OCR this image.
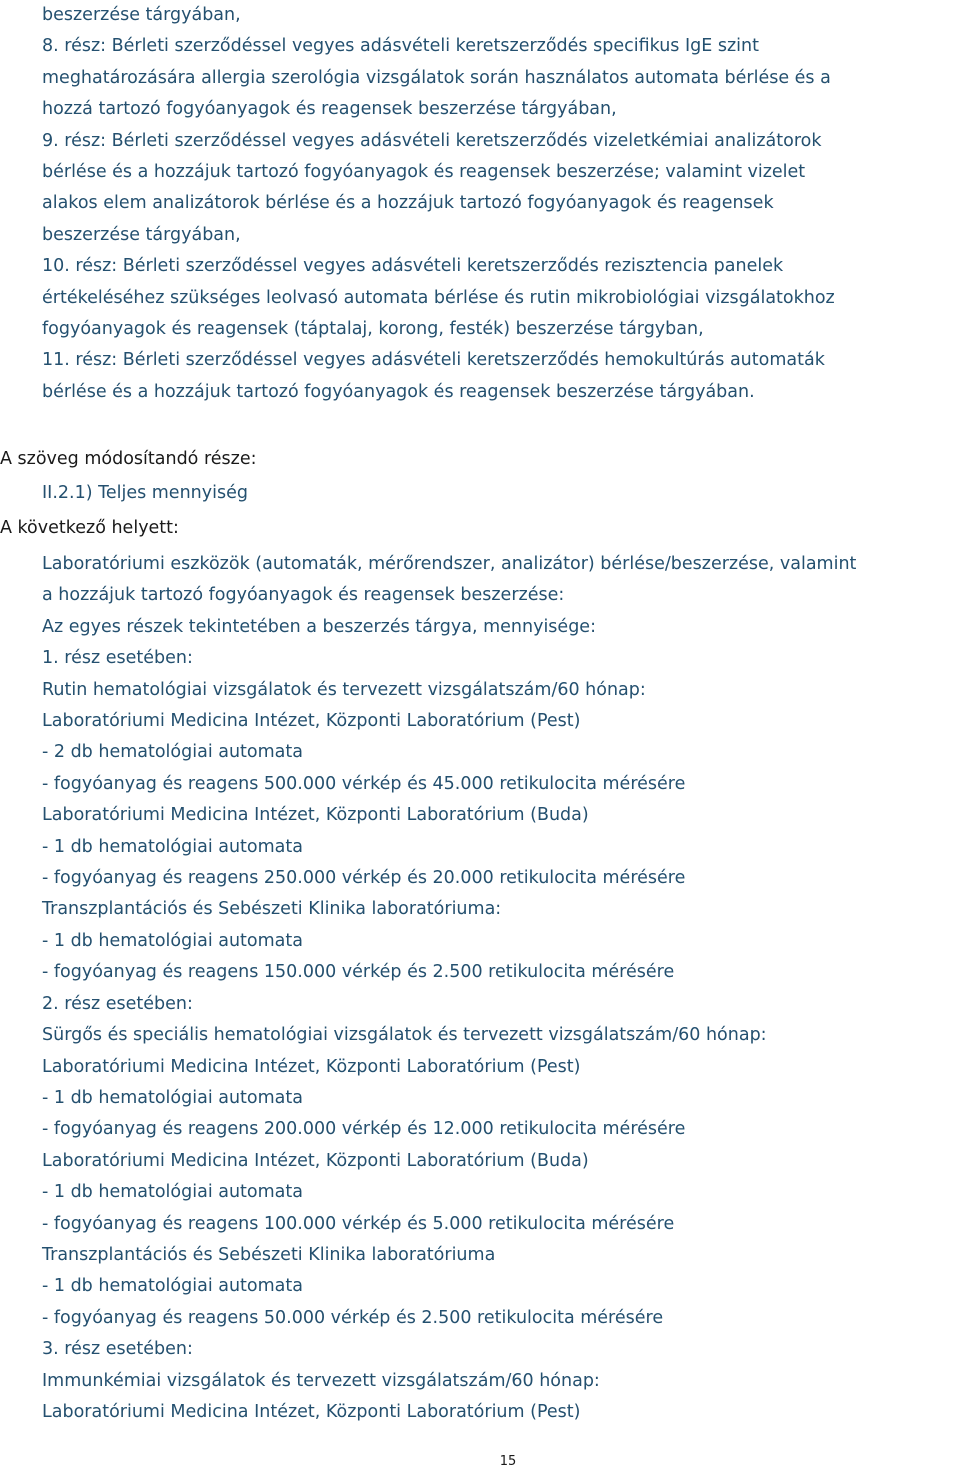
beszerzése tárgyában,
8. rész: Bérleti szerződéssel vegyes adásvételi keretszerződés specifikus IgE szint
meghatározására allergia szerológia vizsgálatok során használatos automata bérlése és a
hozzá tartozó fogyóanyagok és reagensek beszerzése tárgyában,
9. rész: Bérleti szerződéssel vegyes adásvételi keretszerződés vizeletkémiai analizátorok
bérlése és a hozzájuk tartozó fogyóanyagok és reagensek beszerzése; valamint vizelet
alakos elem analizátorok bérlése és a hozzájuk tartozó fogyóanyagok és reagensek
beszerzése tárgyában,
10. rész: Bérleti szerződéssel vegyes adásvételi keretszerződés rezisztencia panelek
értékeléséhez szükséges leolvasó automata bérlése és rutin mikrobiológiai vizsgálatokhoz
fogyóanyagok és reagensek (táptalaj, korong, festék) beszerzése tárgyban,
11. rész: Bérleti szerződéssel vegyes adásvételi keretszerződés hemokultúrás automaták
bérlése és a hozzájuk tartozó fogyóanyagok és reagensek beszerzése tárgyában.
A szöveg módosítandó része:
II.2.1) Teljes mennyiség
A következő helyett:
Laboratóriumi eszközök (automaták, mérőrendszer, analizátor) bérlése/beszerzése, valamint
a hozzájuk tartozó fogyóanyagok és reagensek beszerzése:
Az egyes részek tekintetében a beszerzés tárgya, mennyisége:
1. rész esetében:
Rutin hematológiai vizsgálatok és tervezett vizsgálatszám/60 hónap:
Laboratóriumi Medicina Intézet, Központi Laboratórium (Pest)
- 2 db hematológiai automata
- fogyóanyag és reagens 500.000 vérkép és 45.000 retikulocita mérésére
Laboratóriumi Medicina Intézet, Központi Laboratórium (Buda)
- 1 db hematológiai automata
- fogyóanyag és reagens 250.000 vérkép és 20.000 retikulocita mérésére
Transzplantációs és Sebészeti Klinika laboratóriuma:
- 1 db hematológiai automata
- fogyóanyag és reagens 150.000 vérkép és 2.500 retikulocita mérésére
2. rész esetében:
Sürgős és speciális hematológiai vizsgálatok és tervezett vizsgálatszám/60 hónap:
Laboratóriumi Medicina Intézet, Központi Laboratórium (Pest)
- 1 db hematológiai automata
- fogyóanyag és reagens 200.000 vérkép és 12.000 retikulocita mérésére
Laboratóriumi Medicina Intézet, Központi Laboratórium (Buda)
- 1 db hematológiai automata
- fogyóanyag és reagens 100.000 vérkép és 5.000 retikulocita mérésére
Transzplantációs és Sebészeti Klinika laboratóriuma
- 1 db hematológiai automata
- fogyóanyag és reagens 50.000 vérkép és 2.500 retikulocita mérésére
3. rész esetében:
Immunkémiai vizsgálatok és tervezett vizsgálatszám/60 hónap:
Laboratóriumi Medicina Intézet, Központi Laboratórium (Pest)
15
